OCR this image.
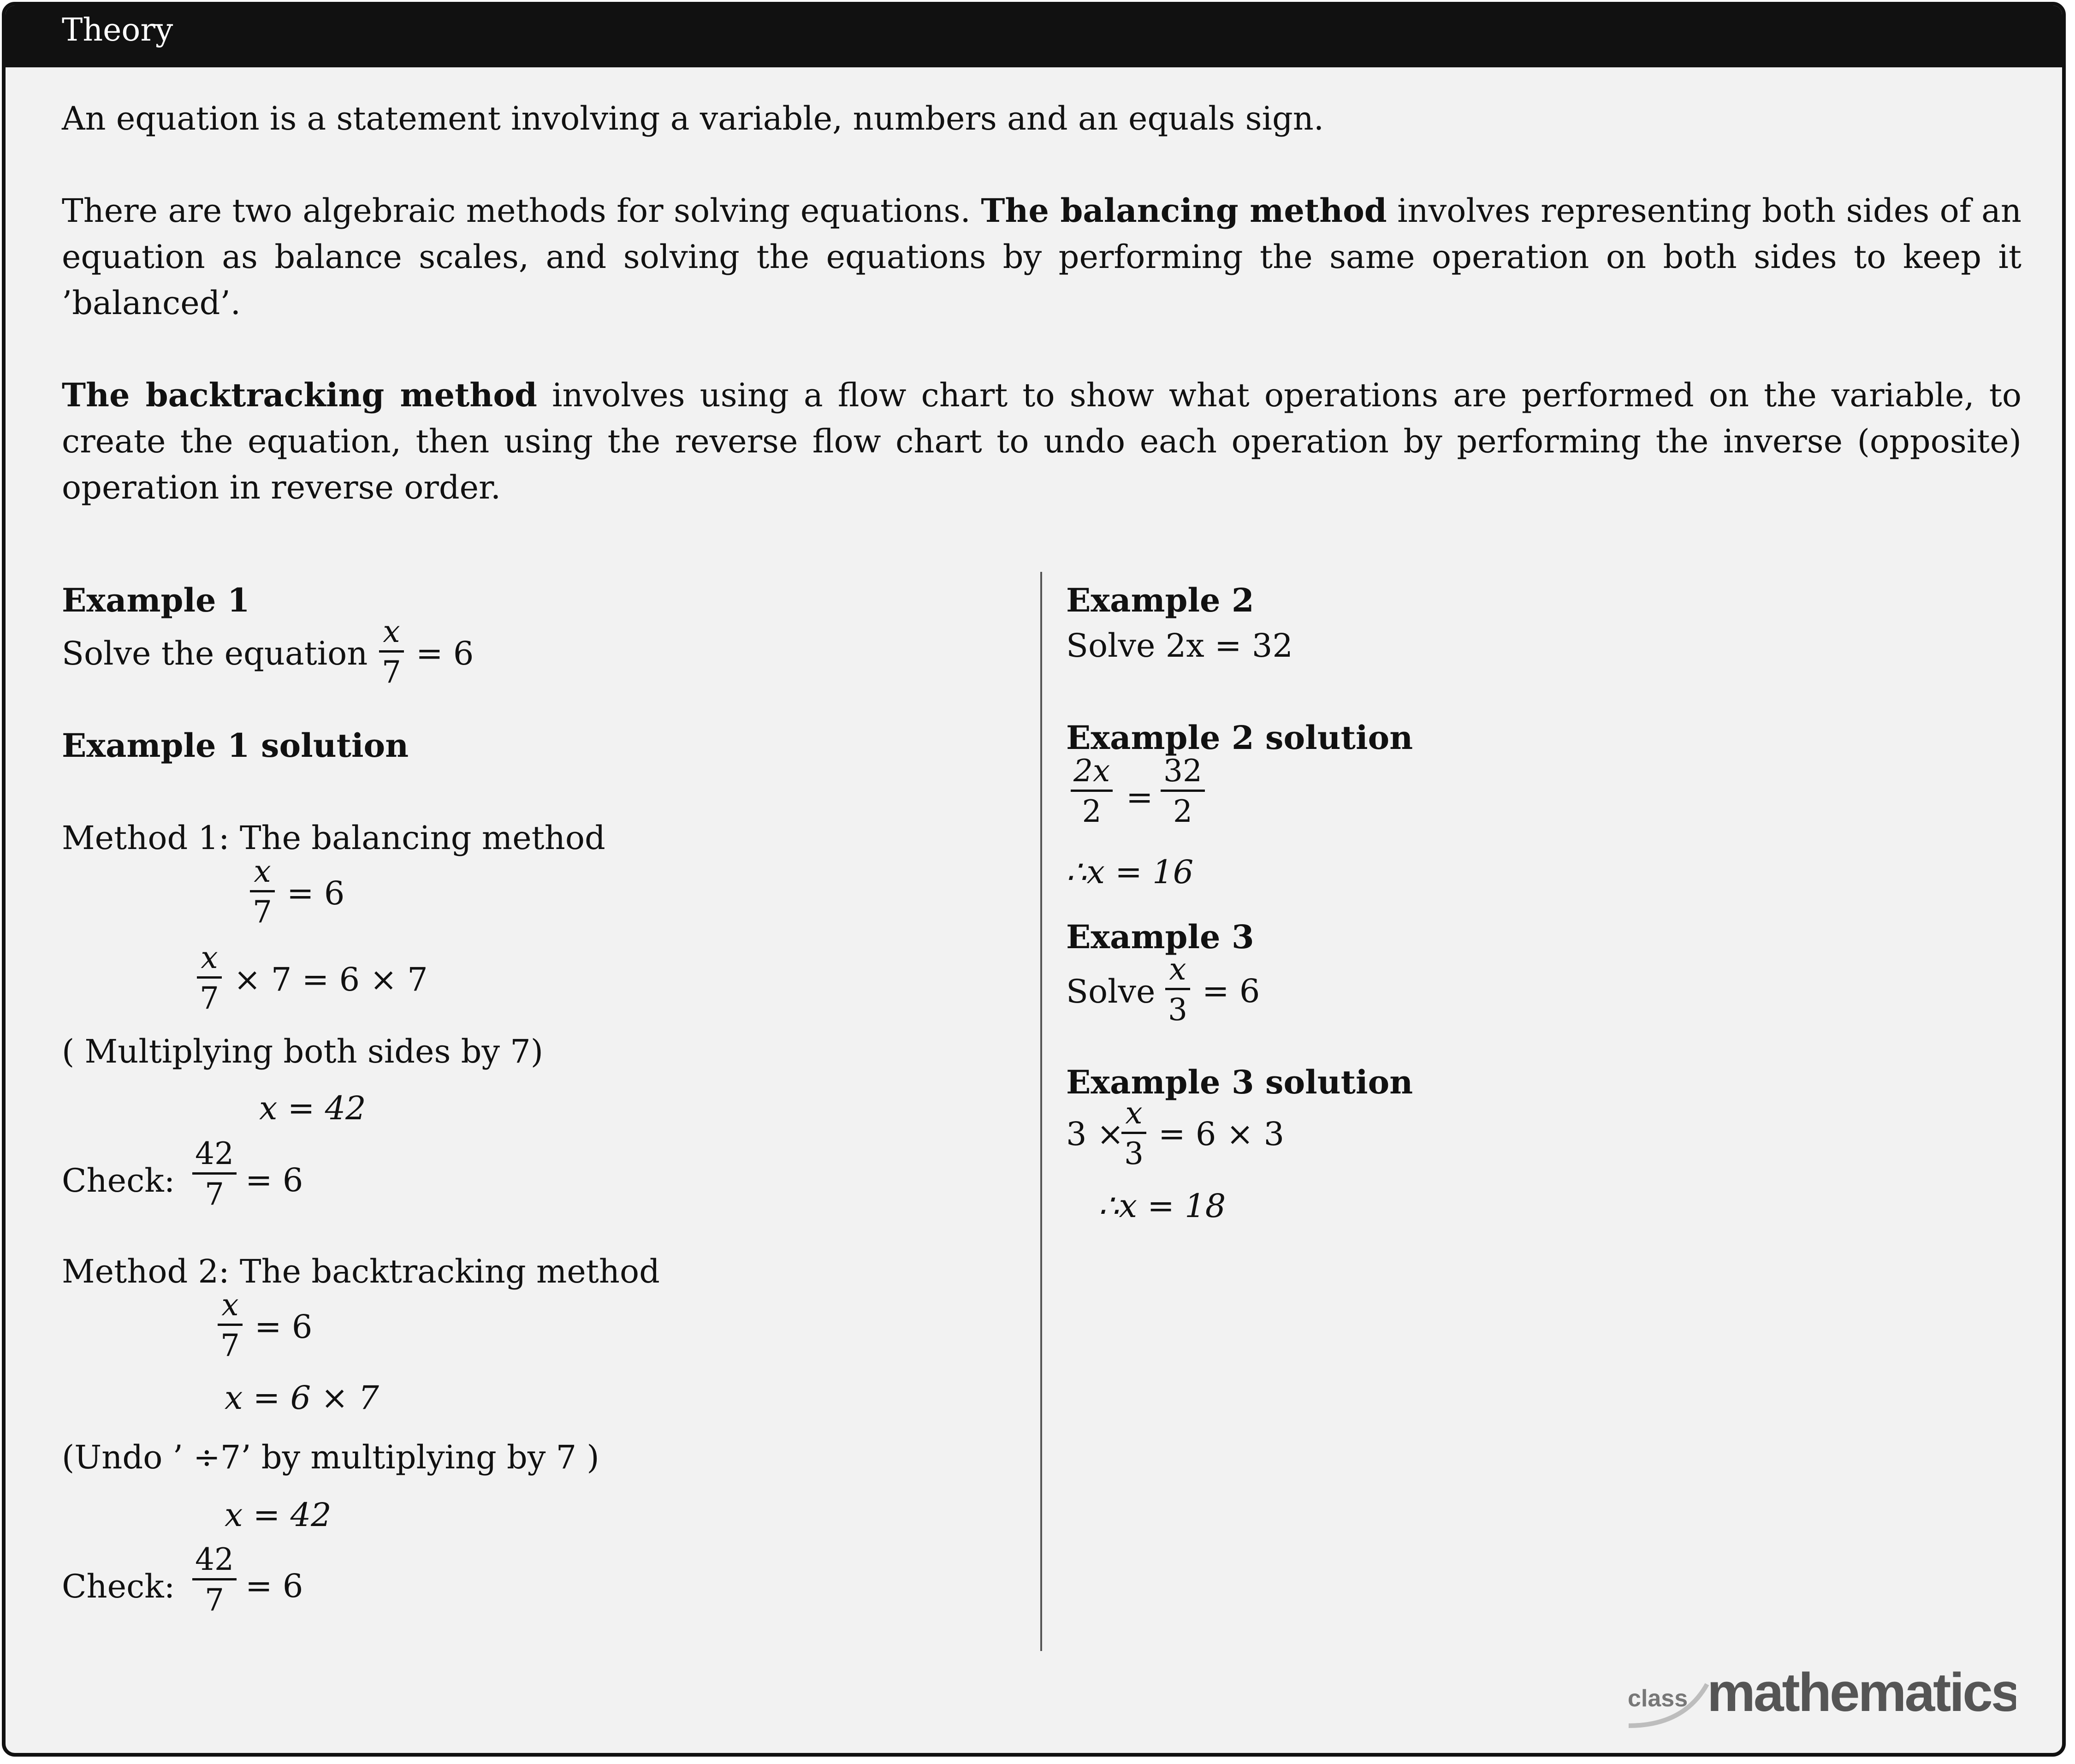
Theory
An equation is a statement involving a variable, numbers and an equals sign.
There are two algebraic methods for solving equations. The balancing method involves representing both sides of an equation as balance scales, and solving the equations by performing the same operation on both sides to keep it ’balanced’.
The backtracking method involves using a flow chart to show what operations are performed on the variable, to create the equation, then using the reverse flow chart to undo each operation by performing the inverse (opposite) operation in reverse order.
Example 1
Solve the equation $\frac{x}{7} = 6$
Example 1 solution
Method 1: The balancing method
$\frac{x}{7} = 6$
$\frac{x}{7} \times 7 = 6 \times 7$
( Multiplying both sides by 7)
x = 42
Check: $\frac{42}{7} = 6$
Method 2: The backtracking method
$\frac{x}{7} = 6$
x = 6 × 7
(Undo ’ ÷7’ by multiplying by 7 )
x = 42
Check: $\frac{42}{7} = 6$
Example 2
Solve 2x = 32
Example 2 solution
$\frac{2x}{2} = \frac{32}{2}$
∴x = 16
Example 3
Solve $\frac{x}{3} = 6$
Example 3 solution
3 ×
$\frac{x}{3} = 6 \times 3$
∴x = 18
class mathematics
